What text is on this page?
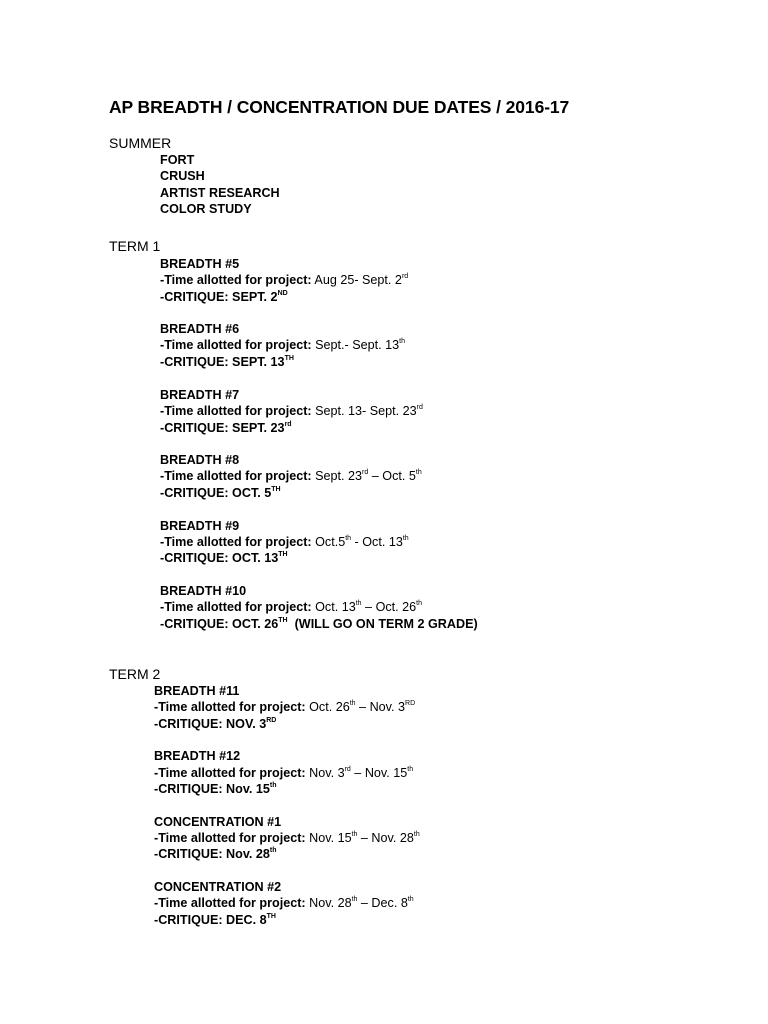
AP BREADTH / CONCENTRATION DUE DATES / 2016-17
SUMMER
FORT
CRUSH
ARTIST RESEARCH
COLOR STUDY
TERM 1
BREADTH #5
-Time allotted for project: Aug 25- Sept. 2rd
-CRITIQUE: SEPT. 2ND
BREADTH #6
-Time allotted for project: Sept.- Sept. 13th
-CRITIQUE: SEPT. 13TH
BREADTH #7
-Time allotted for project: Sept. 13- Sept. 23rd
-CRITIQUE: SEPT. 23rd
BREADTH #8
-Time allotted for project: Sept. 23rd – Oct. 5th
-CRITIQUE: OCT. 5TH
BREADTH #9
-Time allotted for project: Oct.5th - Oct. 13th
-CRITIQUE: OCT. 13TH
BREADTH #10
-Time allotted for project: Oct. 13th – Oct. 26th
-CRITIQUE: OCT. 26TH  (WILL GO ON TERM 2 GRADE)
TERM 2
BREADTH #11
-Time allotted for project: Oct. 26th – Nov. 3RD
-CRITIQUE: NOV. 3RD
BREADTH #12
-Time allotted for project: Nov. 3rd – Nov. 15th
-CRITIQUE: Nov. 15th
CONCENTRATION #1
-Time allotted for project: Nov. 15th – Nov. 28th
-CRITIQUE: Nov. 28th
CONCENTRATION #2
-Time allotted for project: Nov. 28th – Dec. 8th
-CRITIQUE: DEC. 8TH
